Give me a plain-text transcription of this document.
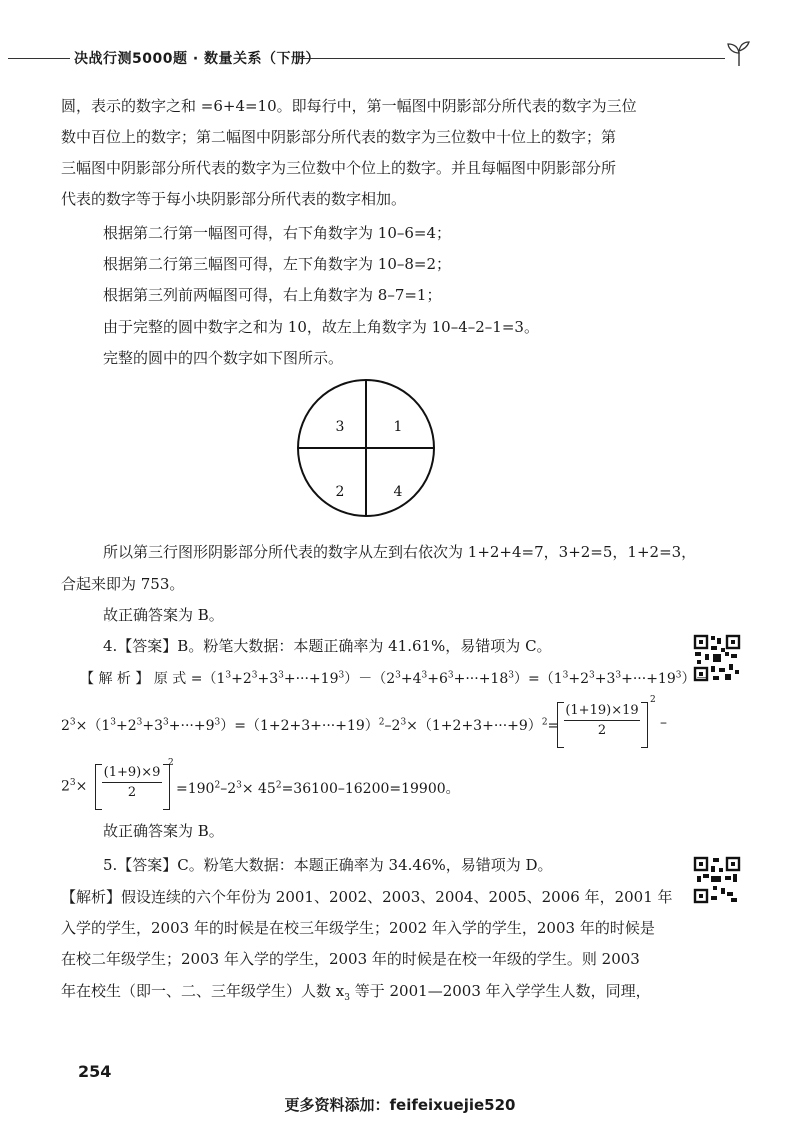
决战行测5000题 · 数量关系（下册）
圆，表示的数字之和 =6+4=10。即每行中，第一幅图中阴影部分所代表的数字为三位
数中百位上的数字；第二幅图中阴影部分所代表的数字为三位数中十位上的数字；第
三幅图中阴影部分所代表的数字为三位数中个位上的数字。并且每幅图中阴影部分所
代表的数字等于每小块阴影部分所代表的数字相加。
根据第二行第一幅图可得，右下角数字为 10–6=4；
根据第二行第三幅图可得，左下角数字为 10–8=2；
根据第三列前两幅图可得，右上角数字为 8–7=1；
由于完整的圆中数字之和为 10，故左上角数字为 10–4–2–1=3。
完整的圆中的四个数字如下图所示。
3	1
2	4
所以第三行图形阴影部分所代表的数字从左到右依次为 1+2+4=7，3+2=5，1+2=3，
合起来即为 753。
故正确答案为 B。
4.【答案】B。粉笔大数据：本题正确率为 41.61%，易错项为 C。
【 解 析 】 原 式 $=(1^3+2^3+3^3+\cdot\cdot\cdot+19^3)-(2^3+4^3+6^3+\cdot\cdot\cdot+18^3)=(1^3+2^3+3^3+\cdot\cdot\cdot+19^3)-$
$2^3\times(1^3+2^3+3^3+\cdot\cdot\cdot+9^3)=(1+2+3+\cdot\cdot\cdot+19)^2-2^3\times(1+2+3+\cdot\cdot\cdot+9)^2= \frac{(1+19)\times 19}{2}$
$^2$
–
$2^3\times \frac{(1+9)\times 9}{2}$
$^2$
$=190^2-2^3\times 45^2=36100-16200=19900$。
故正确答案为 B。
5.【答案】C。粉笔大数据：本题正确率为 34.46%，易错项为 D。
【解析】假设连续的六个年份为 2001、2002、2003、2004、2005、2006 年，2001 年
入学的学生，2003 年的时候是在校三年级学生；2002 年入学的学生，2003 年的时候是
在校二年级学生；2003 年入学的学生，2003 年的时候是在校一年级的学生。则 2003
年在校生（即一、二、三年级学生）人数 $x_3$ 等于 2001—2003 年入学学生人数，同理，
254
更多资料添加：feifeixuejie520
